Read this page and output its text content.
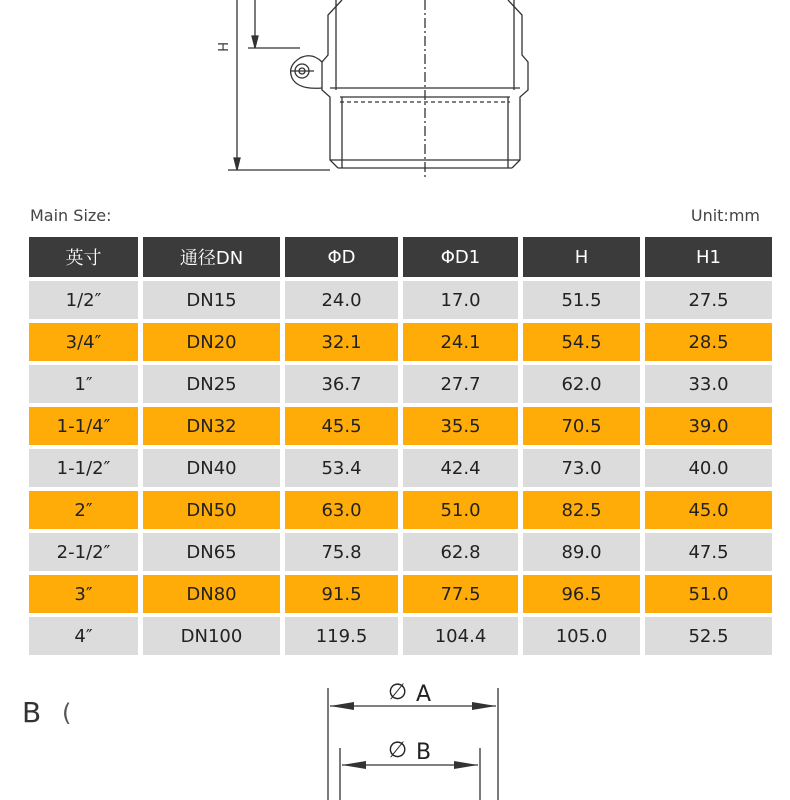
H
Main Size:	Unit:mm
英寸	通径DN	ΦD	ΦD1	H	H1
1/2″	DN15	24.0	17.0	51.5	27.5
3/4″	DN20	32.1	24.1	54.5	28.5
1″	DN25	36.7	27.7	62.0	33.0
1-1/4″	DN32	45.5	35.5	70.5	39.0
1-1/2″	DN40	53.4	42.4	73.0	40.0
2″	DN50	63.0	51.0	82.5	45.0
2-1/2″	DN65	75.8	62.8	89.0	47.5
3″	DN80	91.5	77.5	96.5	51.0
4″	DN100	119.5	104.4	105.0	52.5
B (
∅ A
∅ B
